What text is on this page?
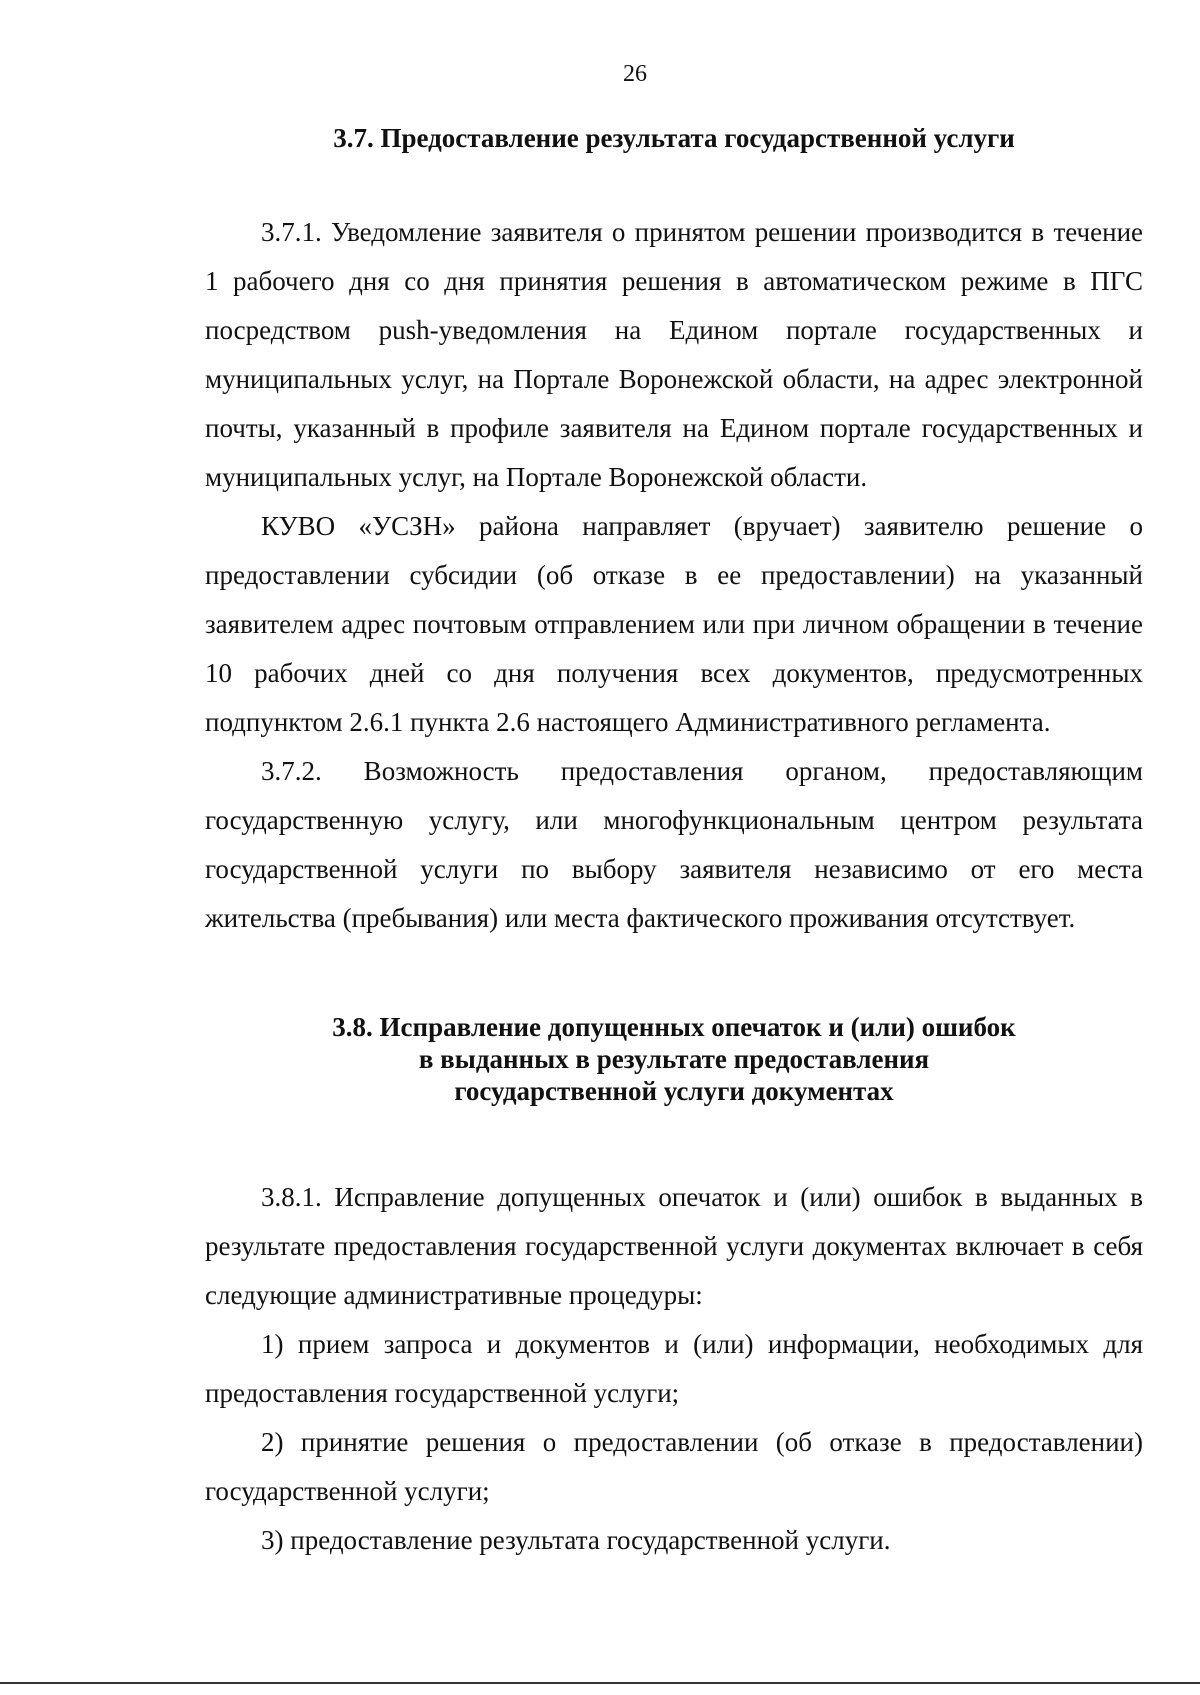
26
3.7. Предоставление результата государственной услуги

3.7.1. Уведомление заявителя о принятом решении производится в течение 1 рабочего дня со дня принятия решения в автоматическом режиме в ПГС посредством push-уведомления на Едином портале государственных и муниципальных услуг, на Портале Воронежской области, на адрес электронной почты, указанный в профиле заявителя на Едином портале государственных и муниципальных услуг, на Портале Воронежской области.

КУВО «УСЗН» района направляет (вручает) заявителю решение о предоставлении субсидии (об отказе в ее предоставлении) на указанный заявителем адрес почтовым отправлением или при личном обращении в течение 10 рабочих дней со дня получения всех документов, предусмотренных подпунктом 2.6.1 пункта 2.6 настоящего Административного регламента.

3.7.2. Возможность предоставления органом, предоставляющим государственную услугу, или многофункциональным центром результата государственной услуги по выбору заявителя независимо от его места жительства (пребывания) или места фактического проживания отсутствует.

3.8. Исправление допущенных опечаток и (или) ошибок
в выданных в результате предоставления
государственной услуги документах

3.8.1. Исправление допущенных опечаток и (или) ошибок в выданных в результате предоставления государственной услуги документах включает в себя следующие административные процедуры:

1) прием запроса и документов и (или) информации, необходимых для предоставления государственной услуги;

2) принятие решения о предоставлении (об отказе в предоставлении) государственной услуги;

3) предоставление результата государственной услуги.
